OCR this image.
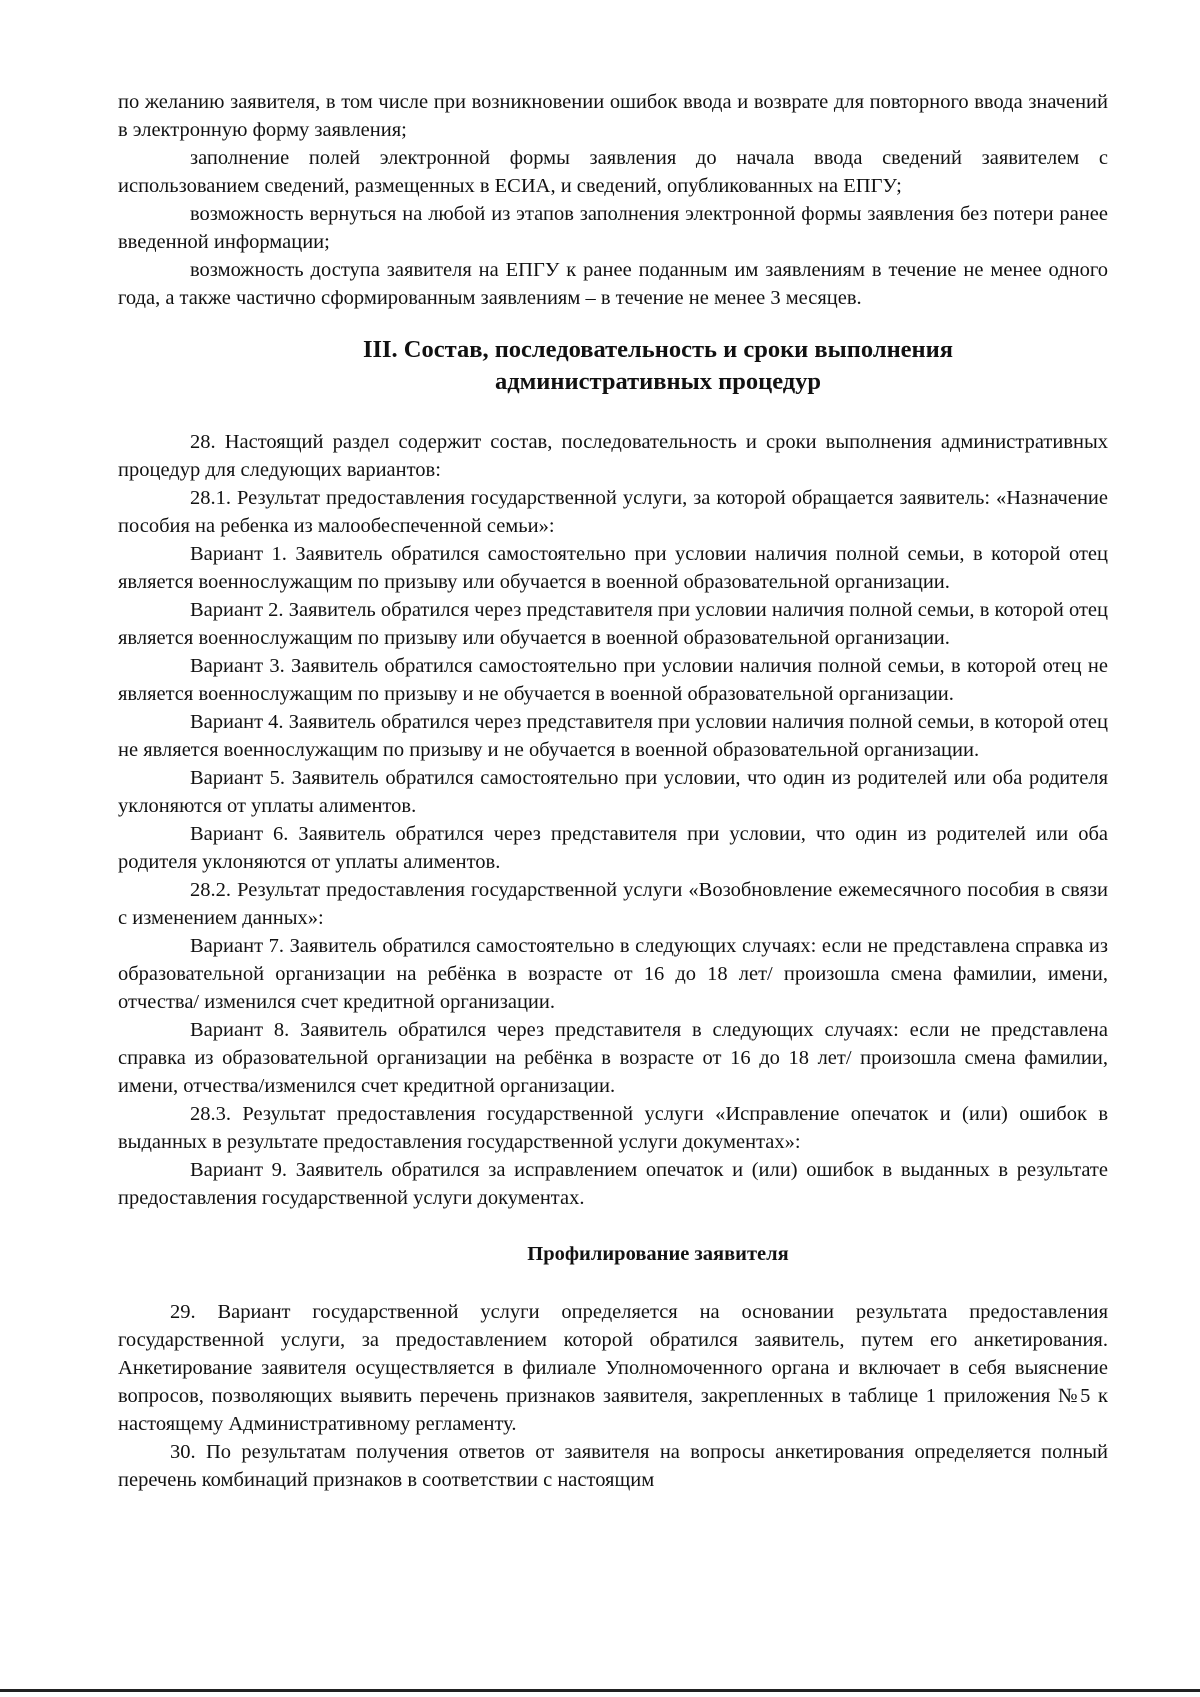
по желанию заявителя, в том числе при возникновении ошибок ввода и возврате для повторного ввода значений в электронную форму заявления;

заполнение полей электронной формы заявления до начала ввода сведений заявителем с использованием сведений, размещенных в ЕСИА, и сведений, опубликованных на ЕПГУ;

возможность вернуться на любой из этапов заполнения электронной формы заявления без потери ранее введенной информации;

возможность доступа заявителя на ЕПГУ к ранее поданным им заявлениям в течение не менее одного года, а также частично сформированным заявлениям – в течение не менее 3 месяцев.

III. Состав, последовательность и сроки выполнения
административных процедур

28. Настоящий раздел содержит состав, последовательность и сроки выполнения административных процедур для следующих вариантов:

28.1. Результат предоставления государственной услуги, за которой обращается заявитель: «Назначение пособия на ребенка из малообеспеченной семьи»:

Вариант 1. Заявитель обратился самостоятельно при условии наличия полной семьи, в которой отец является военнослужащим по призыву или обучается в военной образовательной организации.

Вариант 2. Заявитель обратился через представителя при условии наличия полной семьи, в которой отец является военнослужащим по призыву или обучается в военной образовательной организации.

Вариант 3. Заявитель обратился самостоятельно при условии наличия полной семьи, в которой отец не является военнослужащим по призыву и не обучается в военной образовательной организации.

Вариант 4. Заявитель обратился через представителя при условии наличия полной семьи, в которой отец не является военнослужащим по призыву и не обучается в военной образовательной организации.

Вариант 5. Заявитель обратился самостоятельно при условии, что один из родителей или оба родителя уклоняются от уплаты алиментов.

Вариант 6. Заявитель обратился через представителя при условии, что один из родителей или оба родителя уклоняются от уплаты алиментов.

28.2. Результат предоставления государственной услуги «Возобновление ежемесячного пособия в связи с изменением данных»:

Вариант 7. Заявитель обратился самостоятельно в следующих случаях: если не представлена справка из образовательной организации на ребёнка в возрасте от 16 до 18 лет/ произошла смена фамилии, имени, отчества/ изменился счет кредитной организации.

Вариант 8. Заявитель обратился через представителя в следующих случаях: если не представлена справка из образовательной организации на ребёнка в возрасте от 16 до 18 лет/ произошла смена фамилии, имени, отчества/изменился счет кредитной организации.

28.3. Результат предоставления государственной услуги «Исправление опечаток и (или) ошибок в выданных в результате предоставления государственной услуги документах»:

Вариант 9. Заявитель обратился за исправлением опечаток и (или) ошибок в выданных в результате предоставления государственной услуги документах.

Профилирование заявителя

29. Вариант государственной услуги определяется на основании результата предоставления государственной услуги, за предоставлением которой обратился заявитель, путем его анкетирования. Анкетирование заявителя осуществляется в филиале Уполномоченного органа и включает в себя выяснение вопросов, позволяющих выявить перечень признаков заявителя, закрепленных в таблице 1 приложения №5 к настоящему Административному регламенту.

30. По результатам получения ответов от заявителя на вопросы анкетирования определяется полный перечень комбинаций признаков в соответствии с настоящим
